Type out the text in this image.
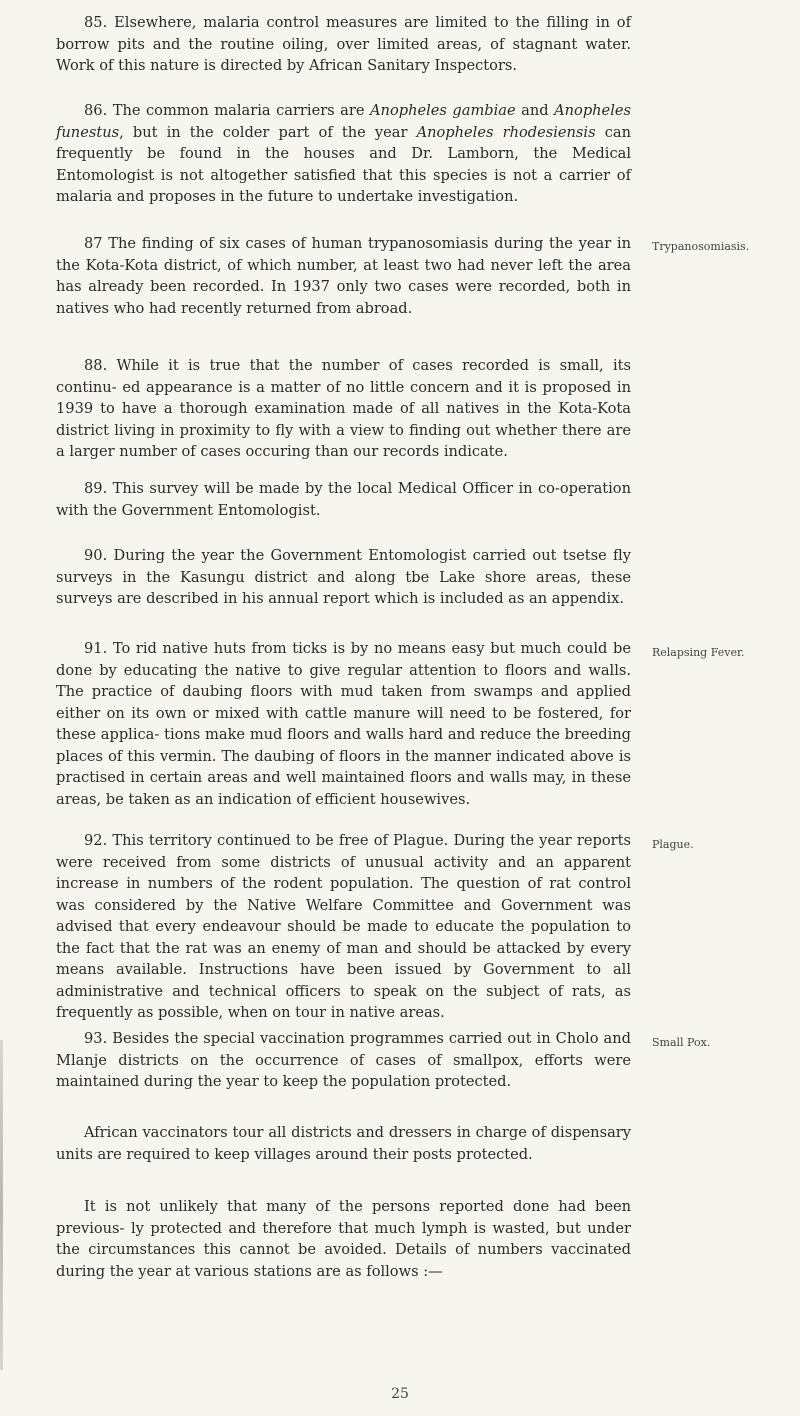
85. Elsewhere, malaria control measures are limited to the filling in of borrow pits and the routine oiling, over limited areas, of stagnant water. Work of this nature is directed by African Sanitary Inspectors.

86. The common malaria carriers are Anopheles gambiae and Anopheles funestus, but in the colder part of the year Anopheles rhodesiensis can frequently be found in the houses and Dr. Lamborn, the Medical Entomologist is not altogether satisfied that this species is not a carrier of malaria and proposes in the future to undertake investigation.

87 The finding of six cases of human trypanosomiasis during the year in the Kota-Kota district, of which number, at least two had never left the area has already been recorded. In 1937 only two cases were recorded, both in natives who had recently returned from abroad.

Trypanosomiasis.

88. While it is true that the number of cases recorded is small, its continu- ed appearance is a matter of no little concern and it is proposed in 1939 to have a thorough examination made of all natives in the Kota-Kota district living in proximity to fly with a view to finding out whether there are a larger number of cases occuring than our records indicate.

89. This survey will be made by the local Medical Officer in co-operation with the Government Entomologist.

90. During the year the Government Entomologist carried out tsetse fly surveys in the Kasungu district and along tbe Lake shore areas, these surveys are described in his annual report which is included as an appendix.

91. To rid native huts from ticks is by no means easy but much could be done by educating the native to give regular attention to floors and walls. The practice of daubing floors with mud taken from swamps and applied either on its own or mixed with cattle manure will need to be fostered, for these applica- tions make mud floors and walls hard and reduce the breeding places of this vermin. The daubing of floors in the manner indicated above is practised in certain areas and well maintained floors and walls may, in these areas, be taken as an indication of efficient housewives.

Relapsing Fever.

92. This territory continued to be free of Plague. During the year reports were received from some districts of unusual activity and an apparent increase in numbers of the rodent population. The question of rat control was considered by the Native Welfare Committee and Government was advised that every endeavour should be made to educate the population to the fact that the rat was an enemy of man and should be attacked by every means available. Instructions have been issued by Government to all administrative and technical officers to speak on the subject of rats, as frequently as possible, when on tour in native areas.

Plague.

93. Besides the special vaccination programmes carried out in Cholo and Mlanje districts on the occurrence of cases of smallpox, efforts were maintained during the year to keep the population protected.

Small Pox.

African vaccinators tour all districts and dressers in charge of dispensary units are required to keep villages around their posts protected.

It is not unlikely that many of the persons reported done had been previous- ly protected and therefore that much lymph is wasted, but under the circumstances this cannot be avoided. Details of numbers vaccinated during the year at various stations are as follows :—

25
